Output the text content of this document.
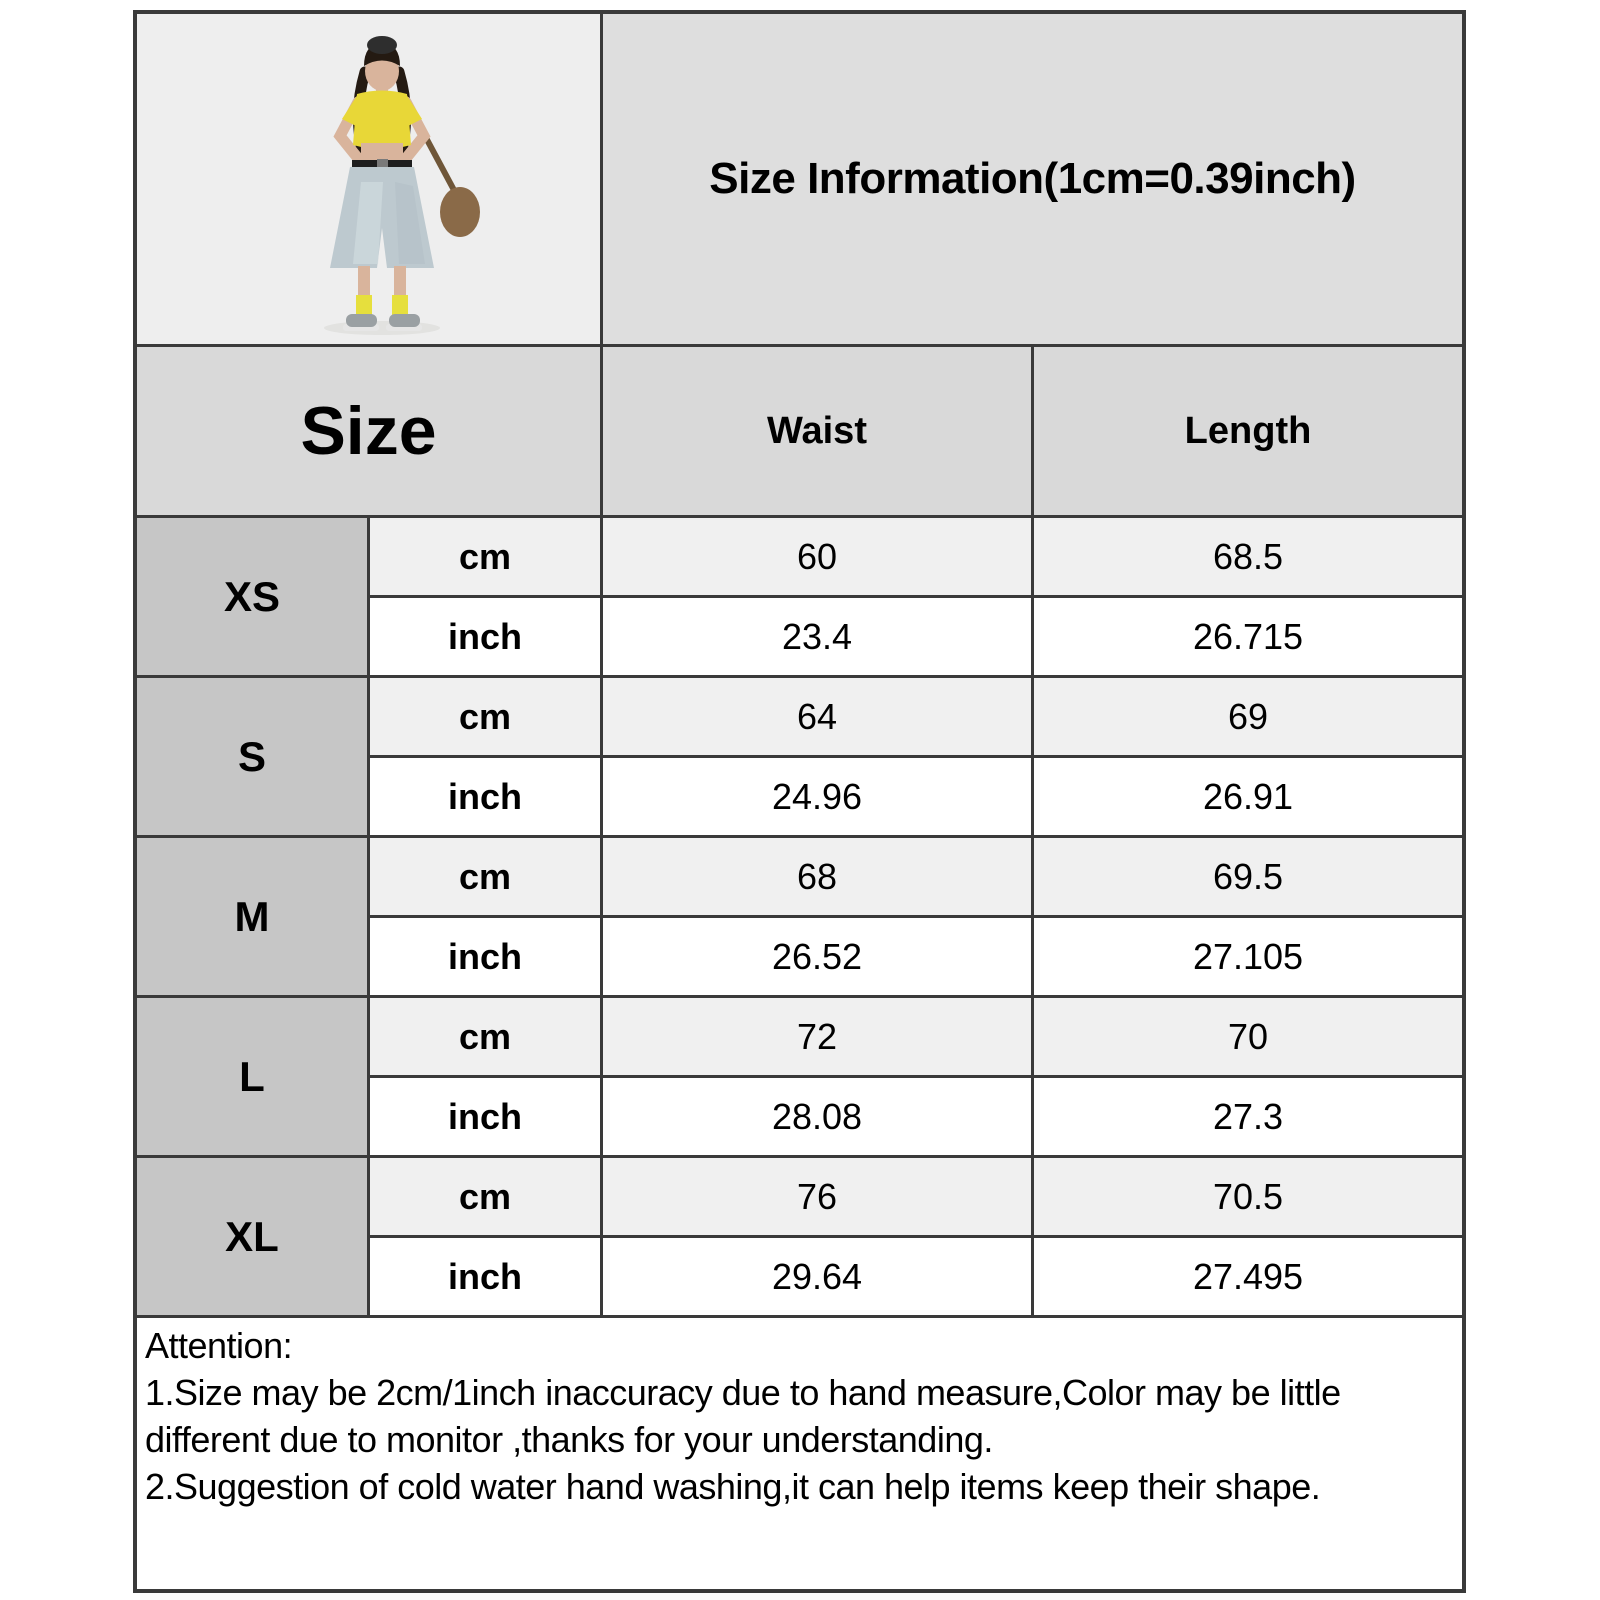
Size Information(1cm=0.39inch)
Size	Waist	Length
XS
cm	60	68.5
inch	23.4	26.715
S
cm	64	69
inch	24.96	26.91
M
cm	68	69.5
inch	26.52	27.105
L
cm	72	70
inch	28.08	27.3
XL
cm	76	70.5
inch	29.64	27.495
Attention:
1.Size may be 2cm/1inch inaccuracy due to hand measure,Color may be little
different due to monitor ,thanks for your understanding.
2.Suggestion of cold water hand washing,it can help items keep their shape.
